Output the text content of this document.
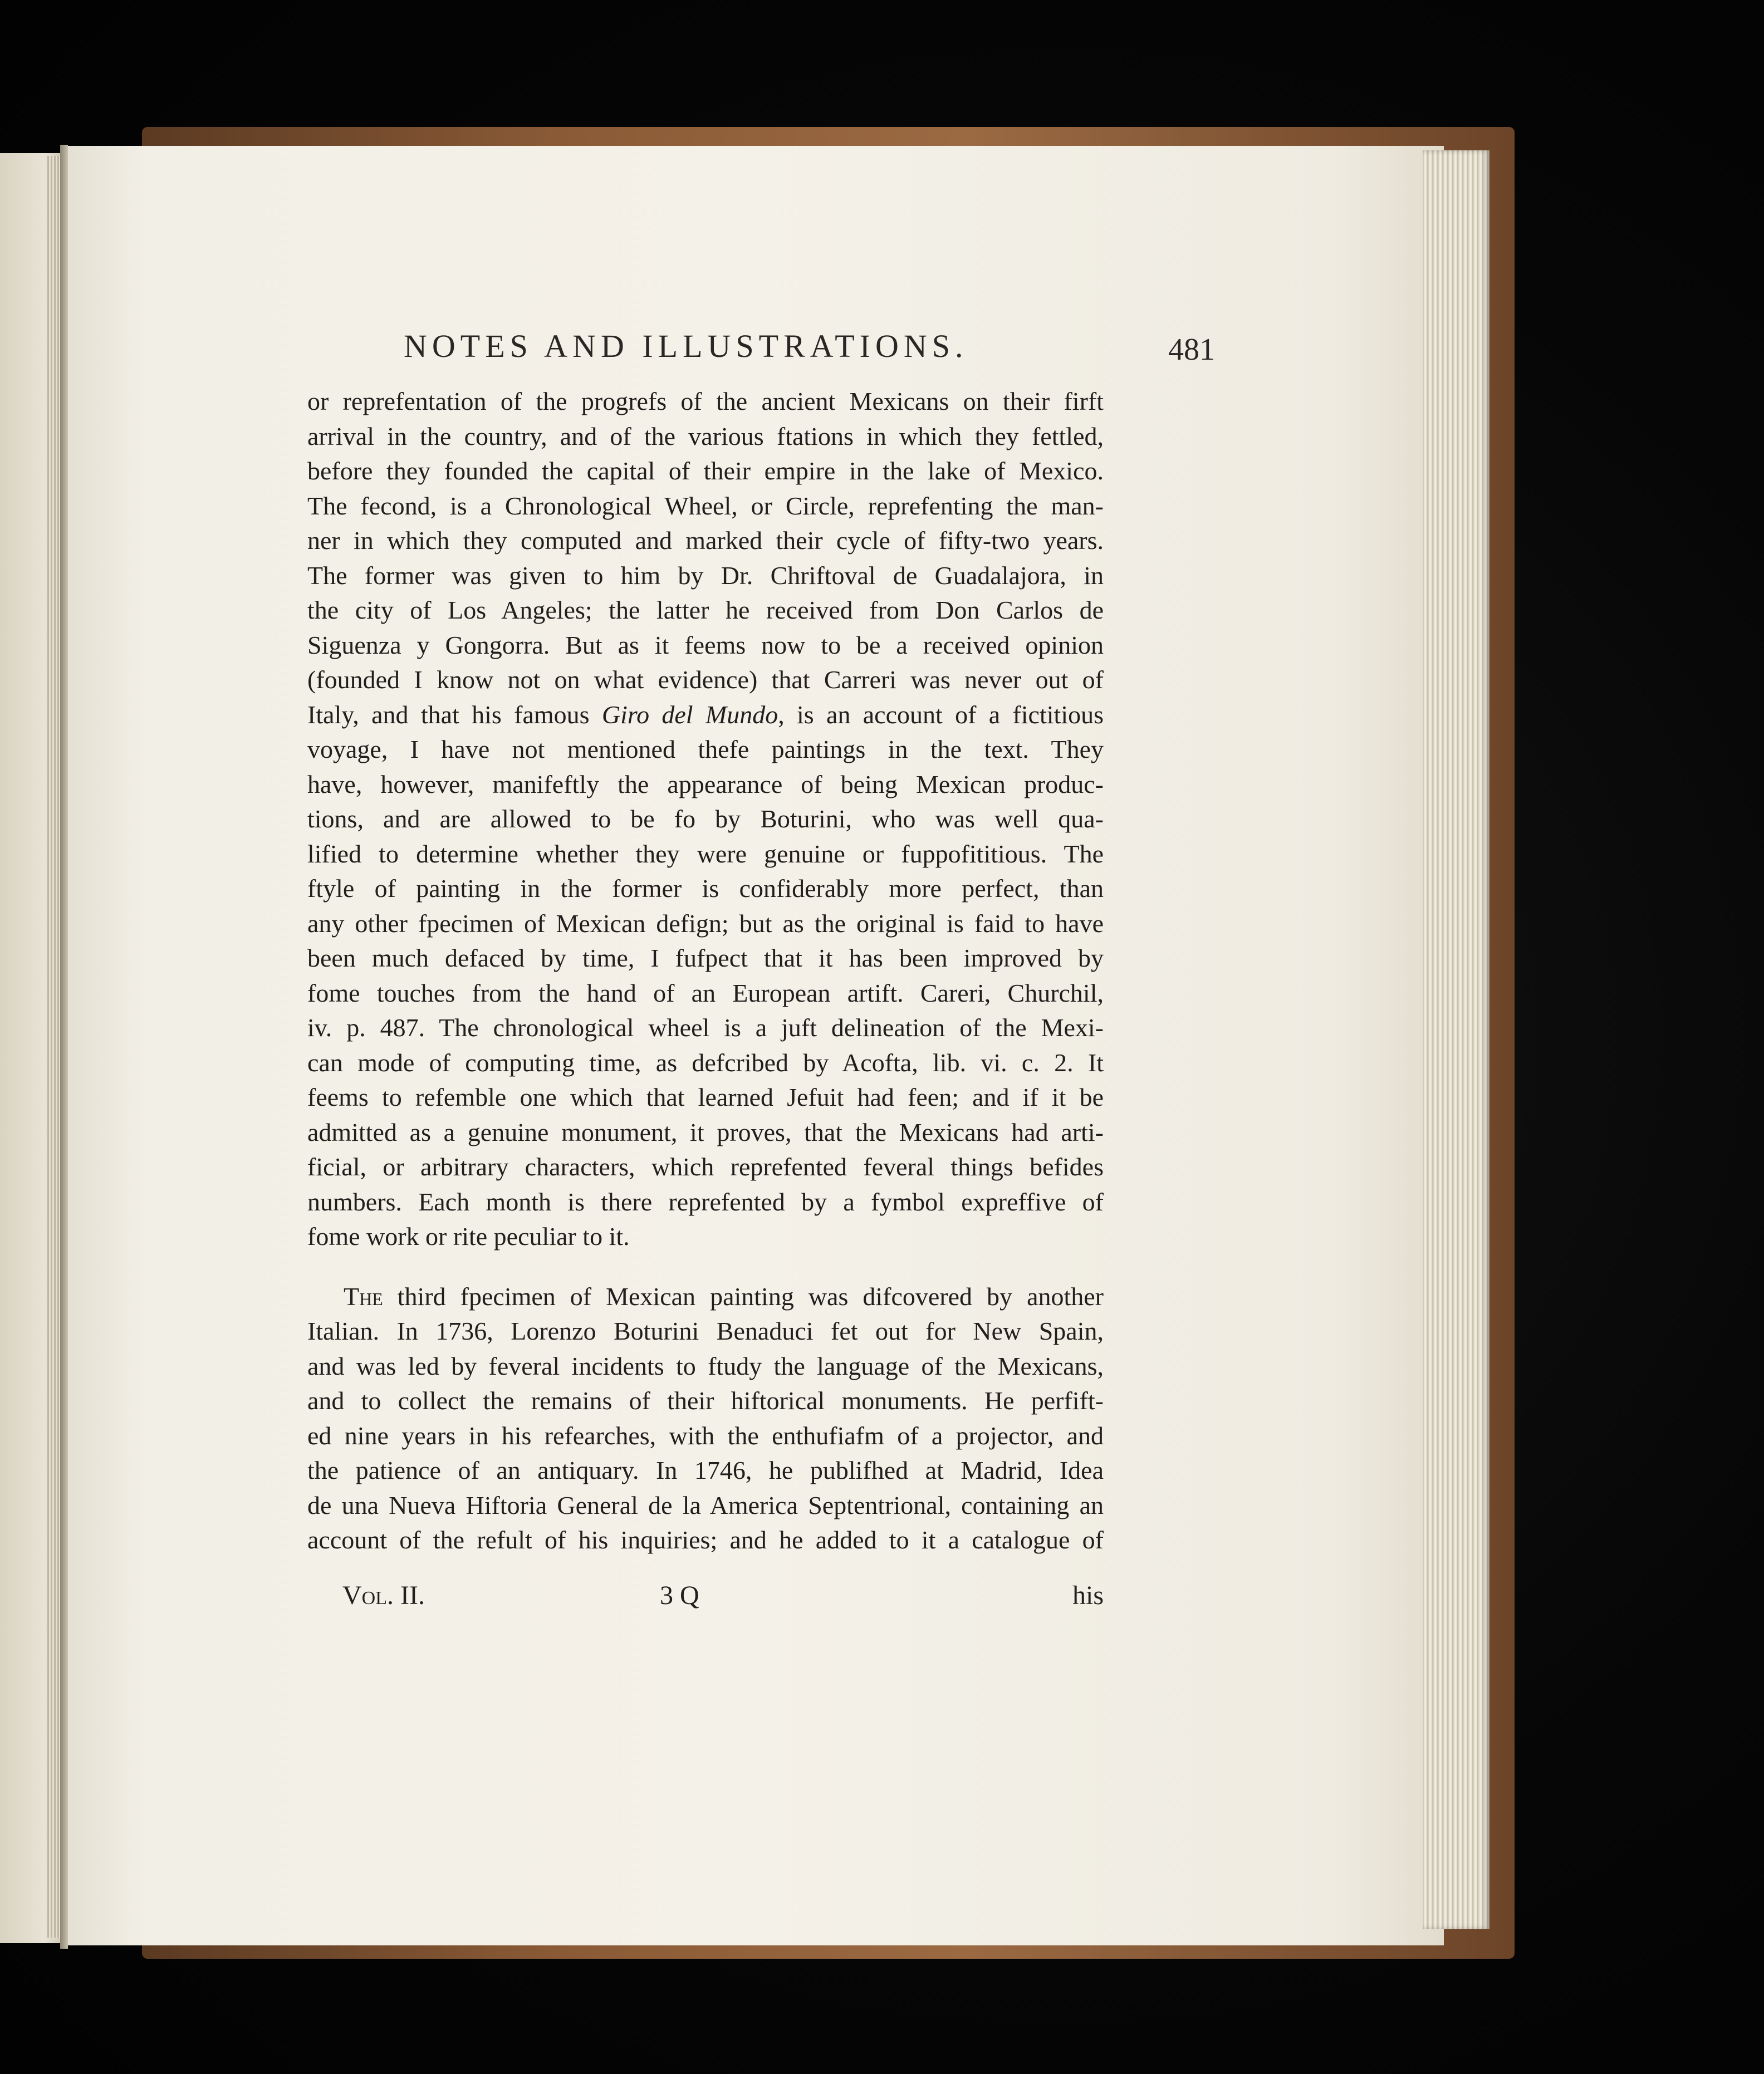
NOTES AND ILLUSTRATIONS.	481
or reprefentation of the progrefs of the ancient Mexicans on their firft
arrival in the country, and of the various ftations in which they fettled,
before they founded the capital of their empire in the lake of Mexico.
The fecond, is a Chronological Wheel, or Circle, reprefenting the man-
ner in which they computed and marked their cycle of fifty-two years.
The former was given to him by Dr. Chriftoval de Guadalajora, in
the city of Los Angeles; the latter he received from Don Carlos de
Siguenza y Gongorra. But as it feems now to be a received opinion
(founded I know not on what evidence) that Carreri was never out of
Italy, and that his famous Giro del Mundo, is an account of a fictitious
voyage, I have not mentioned thefe paintings in the text. They
have, however, manifeftly the appearance of being Mexican produc-
tions, and are allowed to be fo by Boturini, who was well qua-
lified to determine whether they were genuine or fuppofititious. The
ftyle of painting in the former is confiderably more perfect, than
any other fpecimen of Mexican defign; but as the original is faid to have
been much defaced by time, I fufpect that it has been improved by
fome touches from the hand of an European artift. Careri, Churchil,
iv. p. 487. The chronological wheel is a juft delineation of the Mexi-
can mode of computing time, as defcribed by Acofta, lib. vi. c. 2. It
feems to refemble one which that learned Jefuit had feen; and if it be
admitted as a genuine monument, it proves, that the Mexicans had arti-
ficial, or arbitrary characters, which reprefented feveral things befides
numbers. Each month is there reprefented by a fymbol expreffive of
fome work or rite peculiar to it.
The third fpecimen of Mexican painting was difcovered by another
Italian. In 1736, Lorenzo Boturini Benaduci fet out for New Spain,
and was led by feveral incidents to ftudy the language of the Mexicans,
and to collect the remains of their hiftorical monuments. He perfift-
ed nine years in his refearches, with the enthufiafm of a projector, and
the patience of an antiquary. In 1746, he publifhed at Madrid, Idea
de una Nueva Hiftoria General de la America Septentrional, containing an
account of the refult of his inquiries; and he added to it a catalogue of
Vol. II.	3 Q	his
